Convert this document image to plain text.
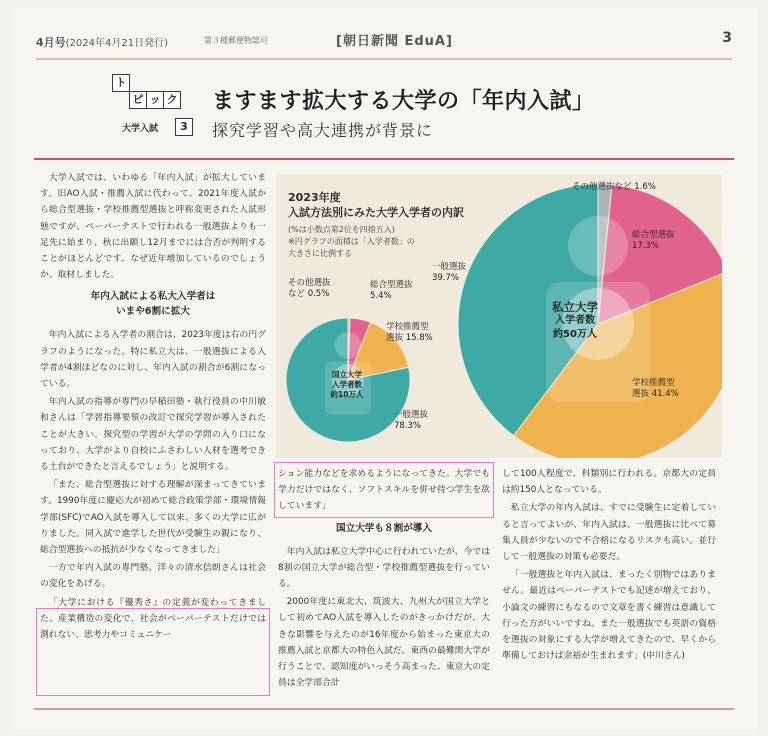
4月号(2024年4月21日発行)	第３種郵便物認可	[朝日新聞 EduA]	3
ト
ピ ッ ク
大学入試	3
ますます拡大する大学の「年内入試」
探究学習や高大連携が背景に

大学入試では、いわゆる「年内入試」が拡大しています。旧AO入試・推薦入試に代わって、2021年度入試から総合型選抜・学校推薦型選抜と呼称変更された入試形態ですが、ペーパーテストで行われる一般選抜よりも一足先に始まり、秋に出願し12月までには合否が判明することがほとんどです。なぜ近年増加しているのでしょうか。取材しました。

年内入試による私大入学者は
いまや6割に拡大

年内入試による入学者の割合は、2023年度は右の円グラフのようになった。特に私立大は、一般選抜による入学者が4割ほどなのに対し、年内入試の割合が6割になっている。

年内入試の指導が専門の早稲田塾・執行役員の中川敏和さんは「学習指導要領の改訂で探究学習が導入されたことが大きい。探究型の学習が大学の学問の入り口になっており、大学がより自校にふさわしい人材を選考できる土台ができたと言えるでしょう」と説明する。

「また、総合型選抜に対する理解が深まってきています。1990年度に慶応大が初めて総合政策学部・環境情報学部(SFC)でAO入試を導入して以来、多くの大学に広がりました。同入試で進学した世代が受験生の親になり、総合型選抜への抵抗が少なくなってきました」

一方で年内入試の専門塾、洋々の清水信朗さんは社会の変化をあげる。

「大学における『優秀さ』の定義が変わってきました。産業構造の変化で、社会がペーパーテストだけでは測れない、思考力やコミュニケー

2023年度
入試方法別にみた大学入学者の内訳
(%は小数点第2位を四捨五入)
※円グラフの面積は「入学者数」の
大きさに比例する
その他選抜
など 0.5%
総合型選抜
5.4%
学校推薦型
選抜 15.8%
一般選抜
78.3%
国立大学
入学者数
約10万人
その他選抜など 1.6%
総合型選抜
17.3%
一般選抜
39.7%
学校推薦型
選抜 41.4%
私立大学
入学者数
約50万人

ション能力などを求めるようになってきた。大学でも学力だけではなく、ソフトスキルを併せ持つ学生を欲しています」

国立大学も８割が導入

年内入試は私立大学中心に行われていたが、今では8割の国立大学が総合型・学校推薦型選抜を行っている。

2000年度に東北大、筑波大、九州大が国立大学として初めてAO入試を導入したのがきっかけだが、大きな影響を与えたのが16年度から始まった東京大の推薦入試と京都大の特色入試だ。東西の最難関大学が行うことで、認知度がいっそう高まった。東京大の定員は全学部合計

して100人程度で、科類別に行われる。京都大の定員は約150人となっている。

私立大学の年内入試は、すでに受験生に定着していると言ってよいが、年内入試は、一般選抜に比べて募集人員が少ないので不合格になるリスクも高い。並行して一般選抜の対策も必要だ。

「一般選抜と年内入試は、まったく別物ではありません。最近はペーパーテストでも記述が増えており、小論文の練習にもなるので文章を書く練習は意識して行った方がいいですね。また一般選抜でも英語の資格を選抜の対象にする大学が増えてきたので、早くから準備しておけば余裕が生まれます」(中川さん)
